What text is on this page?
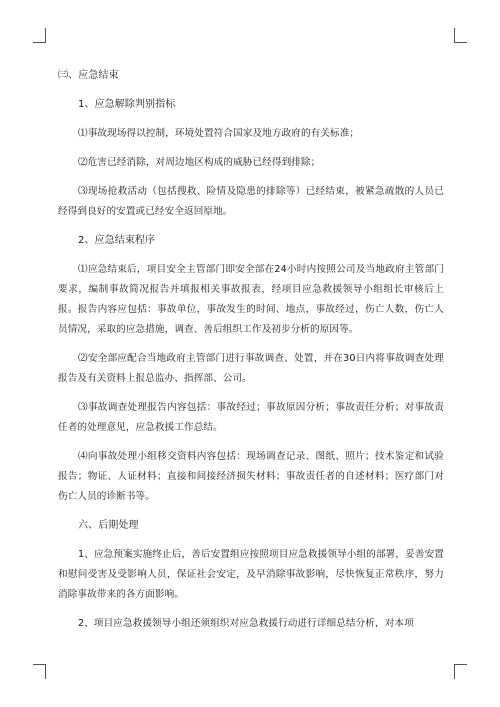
㈢、应急结束

1、应急解除判别指标

⑴事故现场得以控制，环境处置符合国家及地方政府的有关标准；

⑵危害已经消除，对周边地区构成的威胁已经得到排除；

⑶现场抢救活动（包括搜救、险情及隐患的排除等）已经结束，被紧急疏散的人员已经得到良好的安置或已经安全返回原地。

2、应急结束程序

⑴应急结束后，项目安全主管部门即安全部在24小时内按照公司及当地政府主管部门要求，编制事故简况报告并填报相关事故报表，经项目应急救援领导小组组长审核后上报。报告内容应包括：事故单位，事故发生的时间、地点，事故经过，伤亡人数，伤亡人员情况，采取的应急措施，调查、善后组织工作及初步分析的原因等。

⑵安全部应配合当地政府主管部门进行事故调查、处置，并在30日内将事故调查处理报告及有关资料上报总监办、指挥部、公司。

⑶事故调查处理报告内容包括：事故经过；事故原因分析；事故责任分析；对事故责任者的处理意见，应急救援工作总结。

⑷向事故处理小组移交资料内容包括：现场调查记录、图纸、照片；技术鉴定和试验报告；物证、人证材料；直接和间接经济损失材料；事故责任者的自述材料；医疗部门对伤亡人员的诊断书等。

六、后期处理

1、应急预案实施终止后，善后安置组应按照项目应急救援领导小组的部署，妥善安置和慰问受害及受影响人员，保证社会安定，及早消除事故影响，尽快恢复正常秩序，努力消除事故带来的各方面影响。

2、项目应急救援领导小组还须组织对应急救援行动进行详细总结分析，对本项
